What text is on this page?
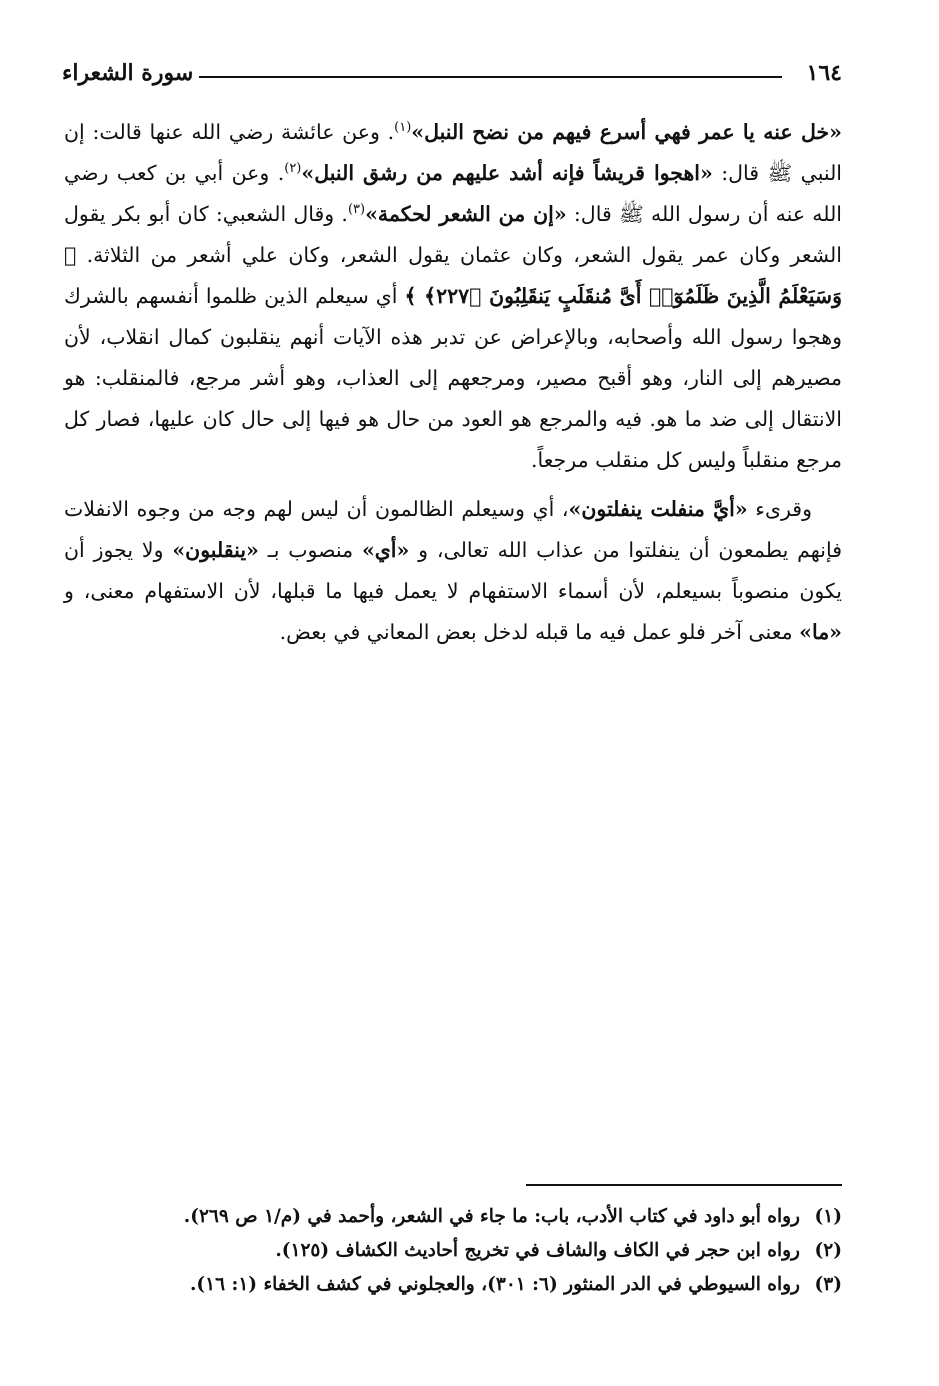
١٦٤
سورة الشعراء

«خل عنه يا عمر فهي أسرع فيهم من نضح النبل»$^{(١)}$. وعن عائشة رضي الله عنها قالت: إن النبي ﷺ قال: «اهجوا قريشاً فإنه أشد عليهم من رشق النبل»$^{(٢)}$. وعن أبي بن كعب رضي الله عنه أن رسول الله ﷺ قال: «إن من الشعر لحكمة»$^{(٣)}$. وقال الشعبي: كان أبو بكر يقول الشعر وكان عمر يقول الشعر، وكان عثمان يقول الشعر، وكان علي أشعر من الثلاثة. ﴿ وَسَيَعْلَمُ الَّذِينَ ظَلَمُوٓا۟ أَىَّ مُنقَلَبٍ يَنقَلِبُونَ ﴿٢٢٧﴾ ﴾ أي سيعلم الذين ظلموا أنفسهم بالشرك وهجوا رسول الله وأصحابه، وبالإعراض عن تدبر هذه الآيات أنهم ينقلبون كمال انقلاب، لأن مصيرهم إلى النار، وهو أقبح مصير، ومرجعهم إلى العذاب، وهو أشر مرجع، فالمنقلب: هو الانتقال إلى ضد ما هو. فيه والمرجع هو العود من حال هو فيها إلى حال كان عليها، فصار كل مرجع منقلباً وليس كل منقلب مرجعاً.

وقرىء «أيَّ منفلت ينفلتون»، أي وسيعلم الظالمون أن ليس لهم وجه من وجوه الانفلات فإنهم يطمعون أن ينفلتوا من عذاب الله تعالى، و «أي» منصوب بـ «ينقلبون» ولا يجوز أن يكون منصوباً بسيعلم، لأن أسماء الاستفهام لا يعمل فيها ما قبلها، لأن الاستفهام معنى، و «ما» معنى آخر فلو عمل فيه ما قبله لدخل بعض المعاني في بعض.

(١)
رواه أبو داود في كتاب الأدب، باب: ما جاء في الشعر، وأحمد في (م/١ ص ٢٦٩).
(٢)
رواه ابن حجر في الكاف والشاف في تخريج أحاديث الكشاف (١٢٥).
(٣)
رواه السيوطي في الدر المنثور (٦: ٣٠١)، والعجلوني في كشف الخفاء (١: ١٦).
